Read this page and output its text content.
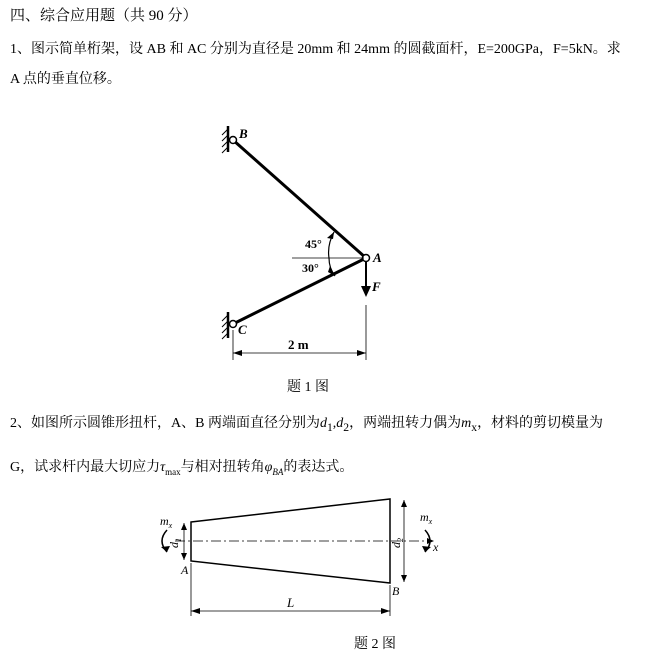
四、综合应用题（共 90 分）
1、图示简单桁架，设 AB 和 AC 分别为直径是 20mm 和 24mm 的圆截面杆，E=200GPa，F=5kN。求
A 点的垂直位移。
B
A
C
F
45°
30°
2 m
题 1 图
2、如图所示圆锥形扭杆，A、B 两端面直径分别为$d_1,d_2$，两端扭转力偶为$m_x$，材料的剪切模量为
G，试求杆内最大切应力$\tau_{max}$与相对扭转角$\varphi_{BA}$的表达式。
$m_x$
$m_x$
$d_1$
$d_2$
A
B
x
L
题 2 图
